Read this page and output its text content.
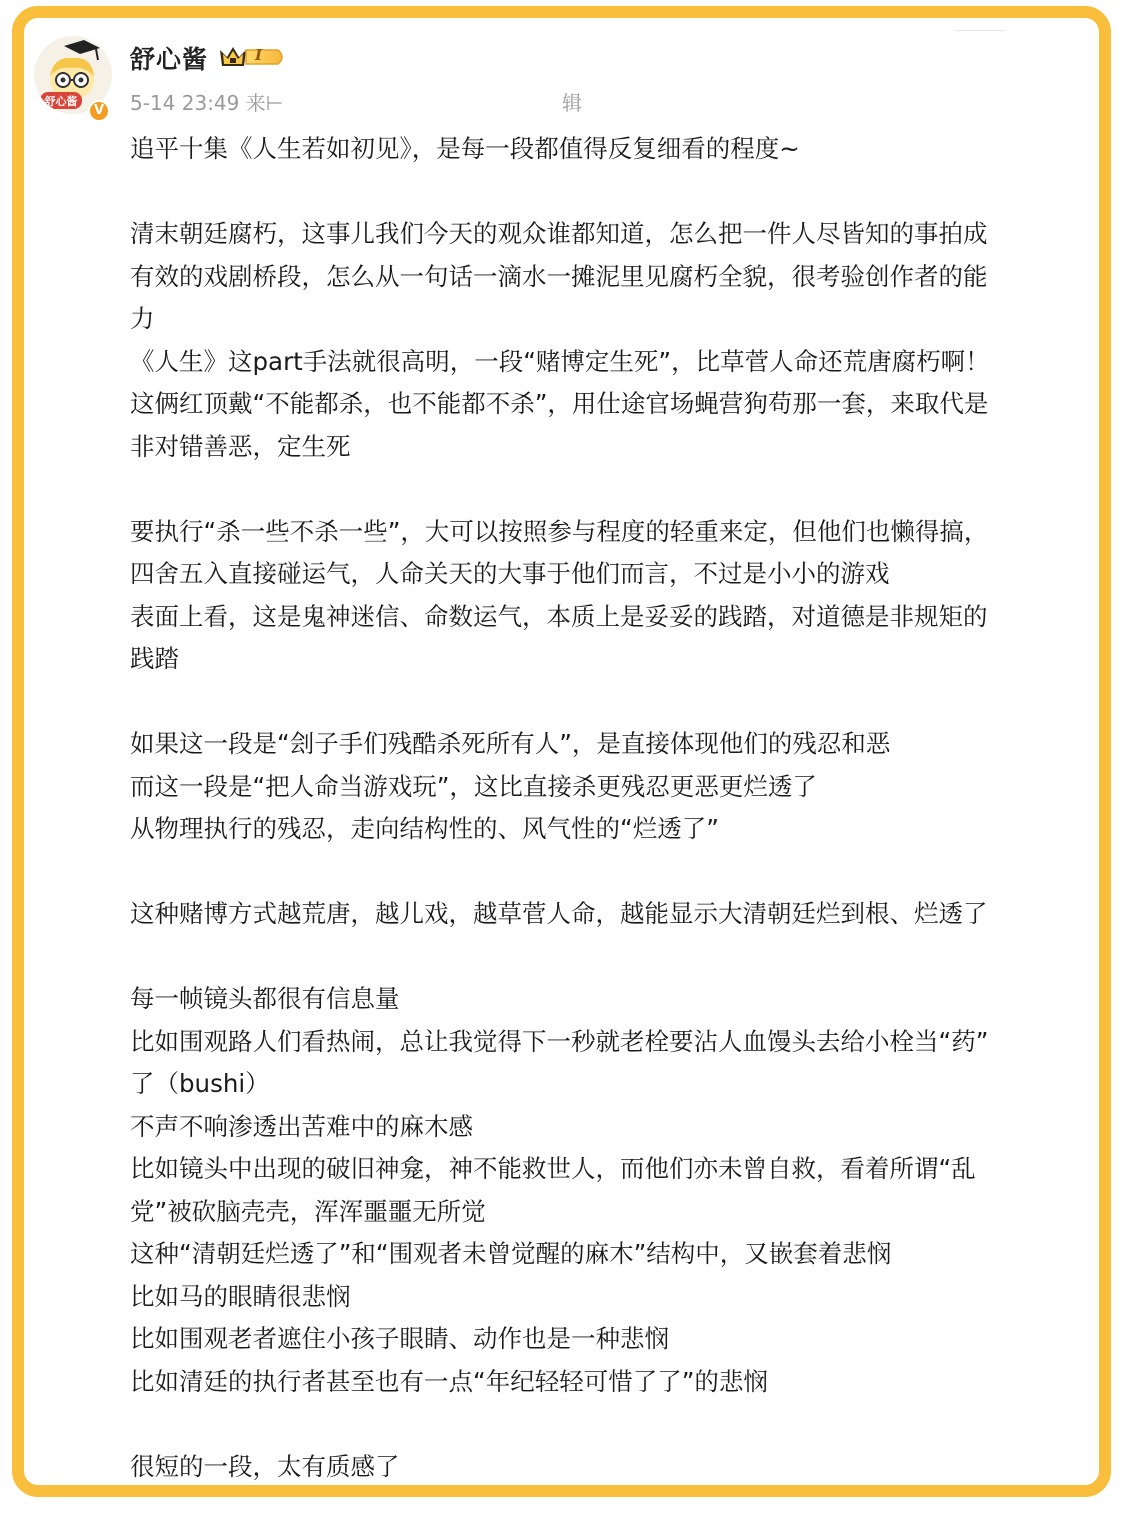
舒心酱
V
舒心酱	I
5-14 23:49 来⊢	辑
追平十集《人生若如初见》，是每一段都值得反复细看的程度~
清末朝廷腐朽，这事儿我们今天的观众谁都知道，怎么把一件人尽皆知的事拍成
有效的戏剧桥段，怎么从一句话一滴水一摊泥里见腐朽全貌，很考验创作者的能
力
《人生》这part手法就很高明，一段“赌博定生死”，比草菅人命还荒唐腐朽啊！
这俩红顶戴“不能都杀，也不能都不杀”，用仕途官场蝇营狗苟那一套，来取代是
非对错善恶，定生死
要执行“杀一些不杀一些”，大可以按照参与程度的轻重来定，但他们也懒得搞，
四舍五入直接碰运气，人命关天的大事于他们而言，不过是小小的游戏
表面上看，这是鬼神迷信、命数运气，本质上是妥妥的践踏，对道德是非规矩的
践踏
如果这一段是“刽子手们残酷杀死所有人”，是直接体现他们的残忍和恶
而这一段是“把人命当游戏玩”，这比直接杀更残忍更恶更烂透了
从物理执行的残忍，走向结构性的、风气性的“烂透了”
这种赌博方式越荒唐，越儿戏，越草菅人命，越能显示大清朝廷烂到根、烂透了
每一帧镜头都很有信息量
比如围观路人们看热闹，总让我觉得下一秒就老栓要沾人血馒头去给小栓当“药”
了（bushi）
不声不响渗透出苦难中的麻木感
比如镜头中出现的破旧神龛，神不能救世人，而他们亦未曾自救，看着所谓“乱
党”被砍脑壳壳，浑浑噩噩无所觉
这种“清朝廷烂透了”和“围观者未曾觉醒的麻木”结构中，又嵌套着悲悯
比如马的眼睛很悲悯
比如围观老者遮住小孩子眼睛、动作也是一种悲悯
比如清廷的执行者甚至也有一点“年纪轻轻可惜了了”的悲悯
很短的一段，太有质感了
